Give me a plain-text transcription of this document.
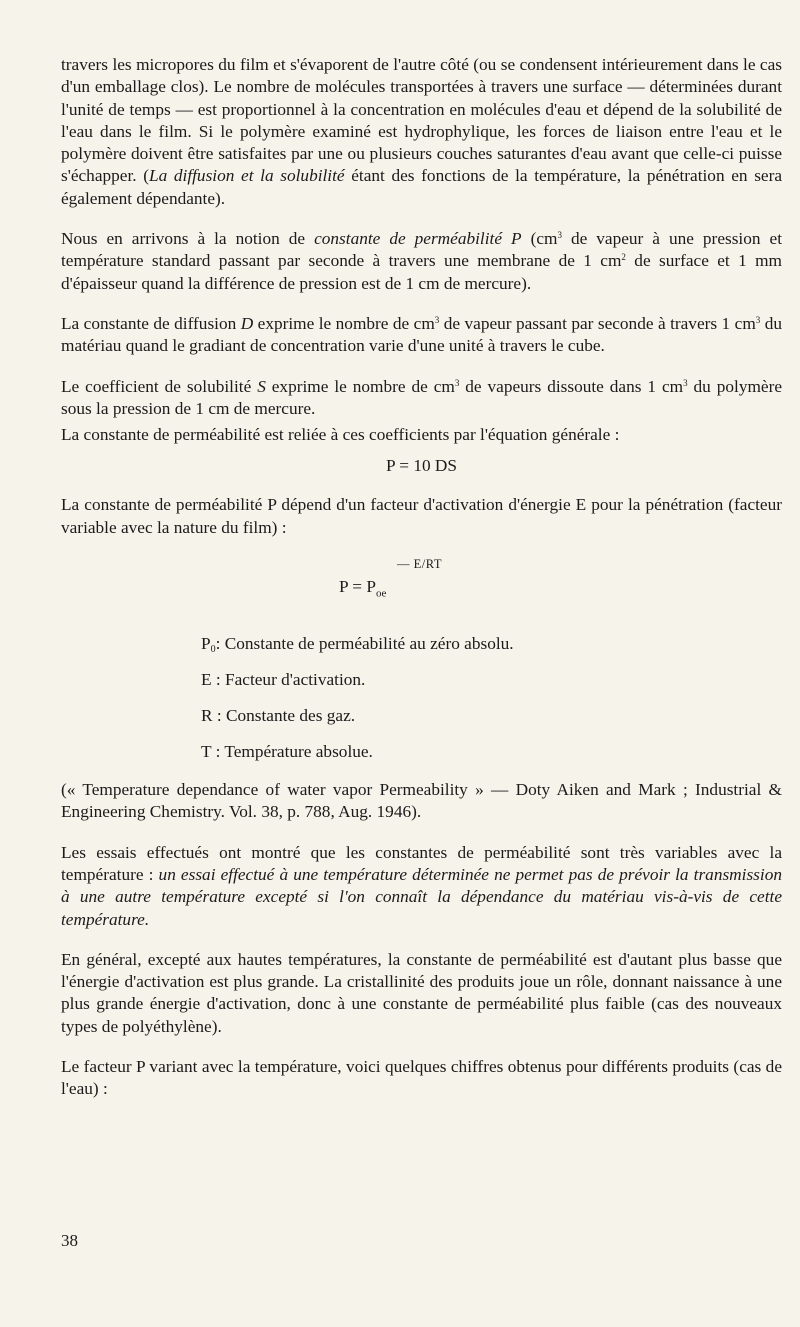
travers les micropores du film et s'évaporent de l'autre côté (ou se condensent intérieurement dans le cas d'un emballage clos). Le nombre de molécules transportées à travers une surface — déterminées durant l'unité de temps — est proportionnel à la concentration en molécules d'eau et dépend de la solubilité de l'eau dans le film. Si le polymère examiné est hydrophylique, les forces de liaison entre l'eau et le polymère doivent être satisfaites par une ou plusieurs couches saturantes d'eau avant que celle-ci puisse s'échapper. (La diffusion et la solubilité étant des fonctions de la température, la pénétration en sera également dépendante).

Nous en arrivons à la notion de constante de perméabilité P ($cm^3$ de vapeur à une pression et température standard passant par seconde à travers une membrane de 1 $cm^2$ de surface et 1 mm d'épaisseur quand la différence de pression est de 1 cm de mercure).

La constante de diffusion D exprime le nombre de $cm^3$ de vapeur passant par seconde à travers 1 $cm^3$ du matériau quand le gradiant de concentration varie d'une unité à travers le cube.

Le coefficient de solubilité S exprime le nombre de $cm^3$ de vapeurs dissoute dans 1 $cm^3$ du polymère sous la pression de 1 cm de mercure.

La constante de perméabilité est reliée à ces coefficients par l'équation générale :

P = 10 DS

La constante de perméabilité P dépend d'un facteur d'activation d'énergie E pour la pénétration (facteur variable avec la nature du film) :

— E/RT
$P = P_{oe}$
$P_0$: Constante de perméabilité au zéro absolu.
E : Facteur d'activation.
R : Constante des gaz.
T : Température absolue.

(« Temperature dependance of water vapor Permeability » — Doty Aiken and Mark ; Industrial & Engineering Chemistry. Vol. 38, p. 788, Aug. 1946).

Les essais effectués ont montré que les constantes de perméabilité sont très variables avec la température : un essai effectué à une température déterminée ne permet pas de prévoir la transmission à une autre température excepté si l'on connaît la dépendance du matériau vis-à-vis de cette température.

En général, excepté aux hautes températures, la constante de perméabilité est d'autant plus basse que l'énergie d'activation est plus grande. La cristallinité des produits joue un rôle, donnant naissance à une plus grande énergie d'activation, donc à une constante de perméabilité plus faible (cas des nouveaux types de polyéthylène).

Le facteur P variant avec la température, voici quelques chiffres obtenus pour différents produits (cas de l'eau) :

38
